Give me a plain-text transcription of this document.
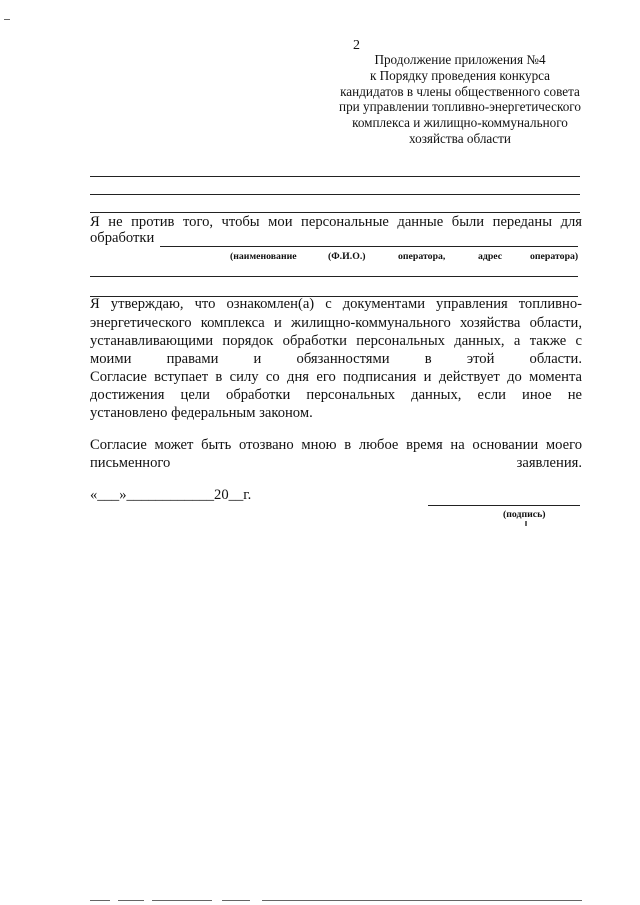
2
Продолжение приложения №4
к Порядку проведения конкурса
кандидатов в члены общественного совета
при управлении топливно-энергетического
комплекса и жилищно-коммунального
хозяйства области
Я не против того, чтобы мои персональные данные были переданы для
обработки
(наименование	(Ф.И.О.)	оператора,	адрес	оператора)
Я утверждаю, что ознакомлен(а) с документами управления топливно-
энергетического комплекса и жилищно-коммунального хозяйства области,
устанавливающими порядок обработки персональных данных, а также с
моими правами и обязанностями в этой области.
Согласие вступает в силу со дня его подписания и действует до момента
достижения цели обработки персональных данных, если иное не
установлено федеральным законом.
Согласие может быть отозвано мною в любое время на основании моего
письменного	заявления.
«___»____________20__г.
(подпись)
